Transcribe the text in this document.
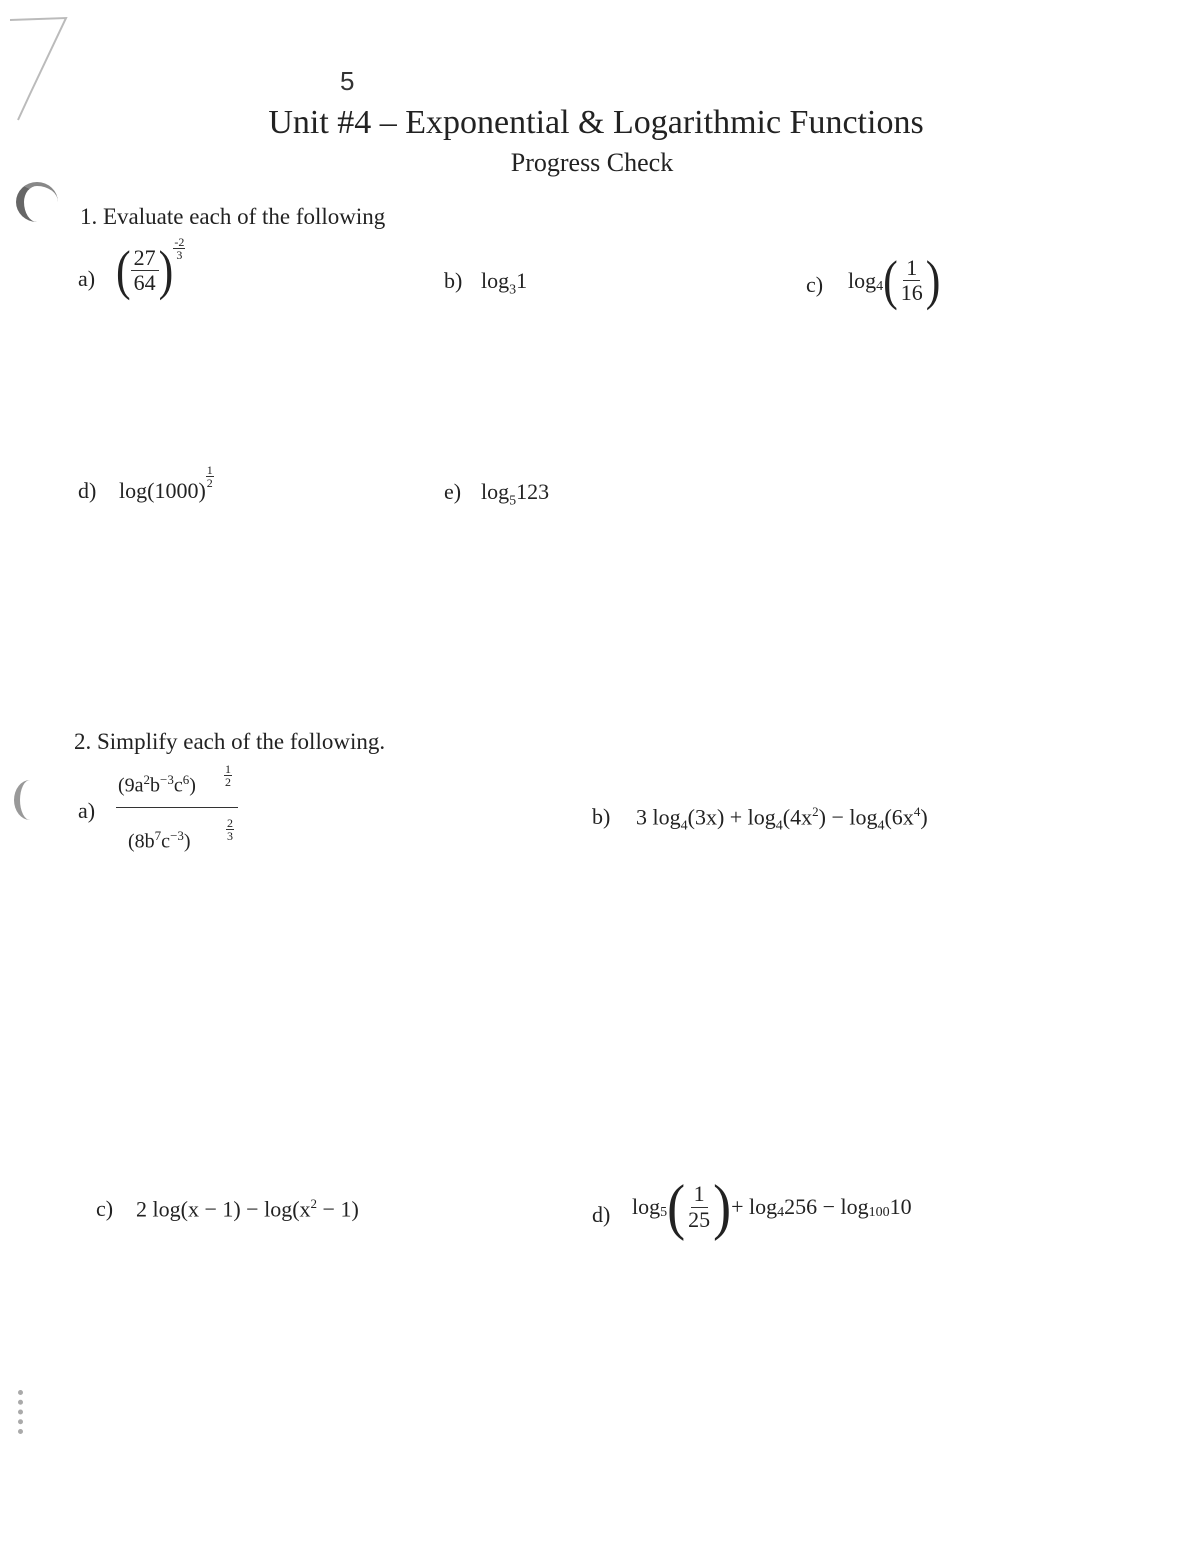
5
Unit #4 – Exponential & Logarithmic Functions
Progress Check
1. Evaluate each of the following
a) ( $\frac{27}{64}$ ) $\frac{-2}{3}$
b) $\log_31$	c) $\log_4$ ( $\frac{1}{16}$ )
d) log(1000)
$\frac{1}{2}$
e) $\log_5123$
2. Simplify each of the following.
a)
$(9a^2b^{-3}c^6) \frac{1}{2}$

$(8b^7c^{-3})$	$\frac{2}{3}$
b) 3 $\log_4(3x) + \log_4(4x^2) - \log_4(6x^4)$
c) 2 $\log(x - 1) - \log(x^2 - 1)$	d) $\log_5$ ( $\frac{1}{25}$ ) + $\log_4 256 - \log_{100} 10$
